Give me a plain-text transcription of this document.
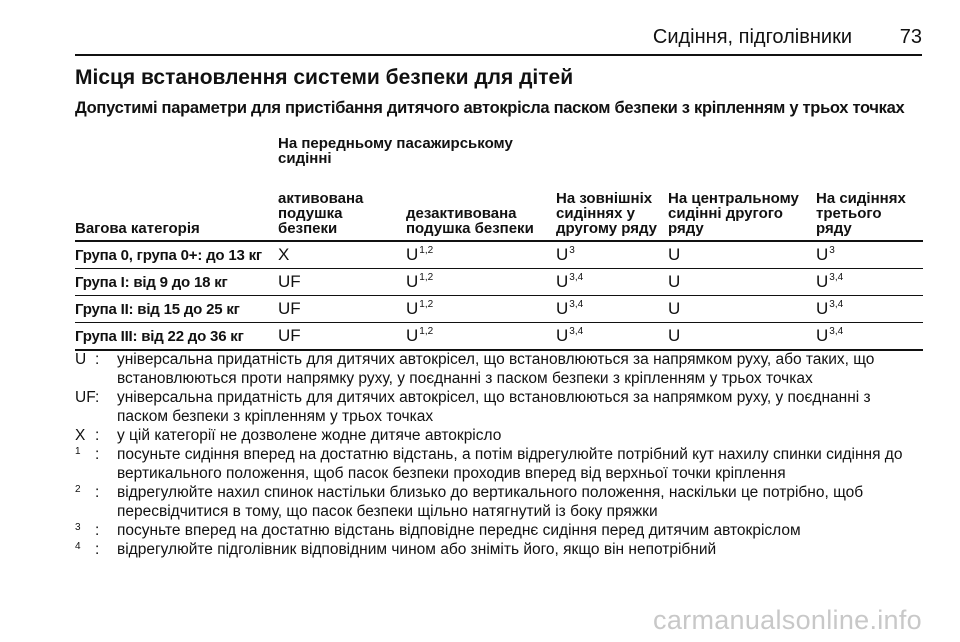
Сидіння, підголівники 73
Місця встановлення системи безпеки для дітей
Допустимі параметри для пристібання дитячого автокрісла паском безпеки з кріпленням у трьох точках
	На передньому пасажирському сидінні				
Вагова категорія	активована подушка безпеки	дезактивована подушка безпеки	На зовнішніх сидіннях у другому ряду	На центральному сидінні другого ряду	На сидіннях третього ряду
Група 0, група 0+: до 13 кг	X	U$^{1,2}$	$U^3$	U	$U^3$
Група I: від 9 до 18 кг	UF	U$^{1,2}$	U$^{3,4}$	U	U$^{3,4}$
Група II: від 15 до 25 кг	UF	U$^{1,2}$	U$^{3,4}$	U	U$^{3,4}$
Група III: від 22 до 36 кг	UF	U$^{1,2}$	U$^{3,4}$	U	U$^{3,4}$
U :	універсальна придатність для дитячих автокрісел, що встановлюються за напрямком руху, або таких, що встановлюються проти напрямку руху, у поєднанні з паском безпеки з кріпленням у трьох точках
UF :	універсальна придатність для дитячих автокрісел, що встановлюються за напрямком руху, у поєднанні з паском безпеки з кріпленням у трьох точках
X :	у цій категорії не дозволене жодне дитяче автокрісло
1 :	посуньте сидіння вперед на достатню відстань, а потім відрегулюйте потрібний кут нахилу спинки сидіння до вертикального положення, щоб пасок безпеки проходив вперед від верхньої точки кріплення
2 :	відрегулюйте нахил спинок настільки близько до вертикального положення, наскільки це потрібно, щоб пересвідчитися в тому, що пасок безпеки щільно натягнутий із боку пряжки
3 :	посуньте вперед на достатню відстань відповідне переднє сидіння перед дитячим автокріслом
4 :	відрегулюйте підголівник відповідним чином або зніміть його, якщо він непотрібний
carmanualsonline.info
